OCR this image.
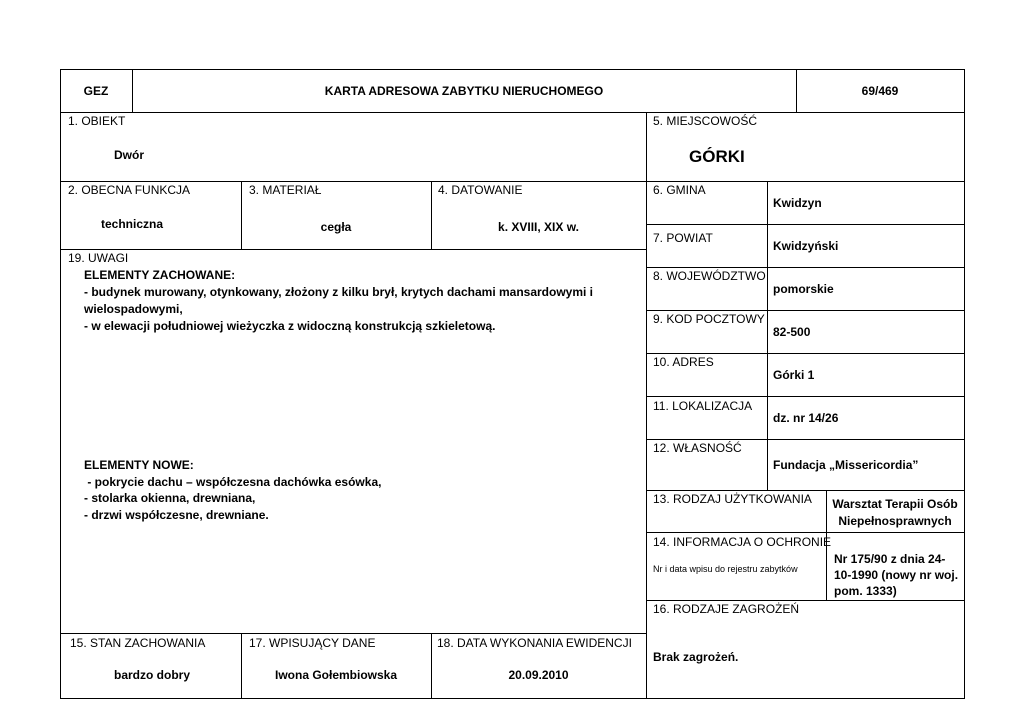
GEZ	KARTA ADRESOWA ZABYTKU NIERUCHOMEGO	69/469
1. OBIEKT
Dwór
5. MIEJSCOWOŚĆ
GÓRKI
2. OBECNA FUNKCJA
techniczna
3. MATERIAŁ
cegła
4. DATOWANIE
k. XVIII, XIX w.
6. GMINA
Kwidzyn
7. POWIAT
Kwidzyński
8. WOJEWÓDZTWO
pomorskie
9. KOD POCZTOWY
82-500
10. ADRES
Górki 1
11. LOKALIZACJA
dz. nr 14/26
12. WŁASNOŚĆ
Fundacja „Missericordia”
13. RODZAJ UŻYTKOWANIA	Warsztat Terapii Osób
Niepełnosprawnych
14. INFORMACJA O OCHRONIE
Nr i data wpisu do rejestru zabytków
Nr 175/90 z dnia 24-
10-1990 (nowy nr woj.
pom. 1333)
16. RODZAJE ZAGROŻEŃ
Brak zagrożeń.
19. UWAGI
ELEMENTY ZACHOWANE:
- budynek murowany, otynkowany, złożony z kilku brył, krytych dachami mansardowymi i
wielospadowymi,
- w elewacji południowej wieżyczka z widoczną konstrukcją szkieletową.
ELEMENTY NOWE:
- pokrycie dachu – współczesna dachówka esówka,
- stolarka okienna, drewniana,
- drzwi współczesne, drewniane.
15. STAN ZACHOWANIA
bardzo dobry
17. WPISUJĄCY DANE
Iwona Gołembiowska
18. DATA WYKONANIA EWIDENCJI
20.09.2010
